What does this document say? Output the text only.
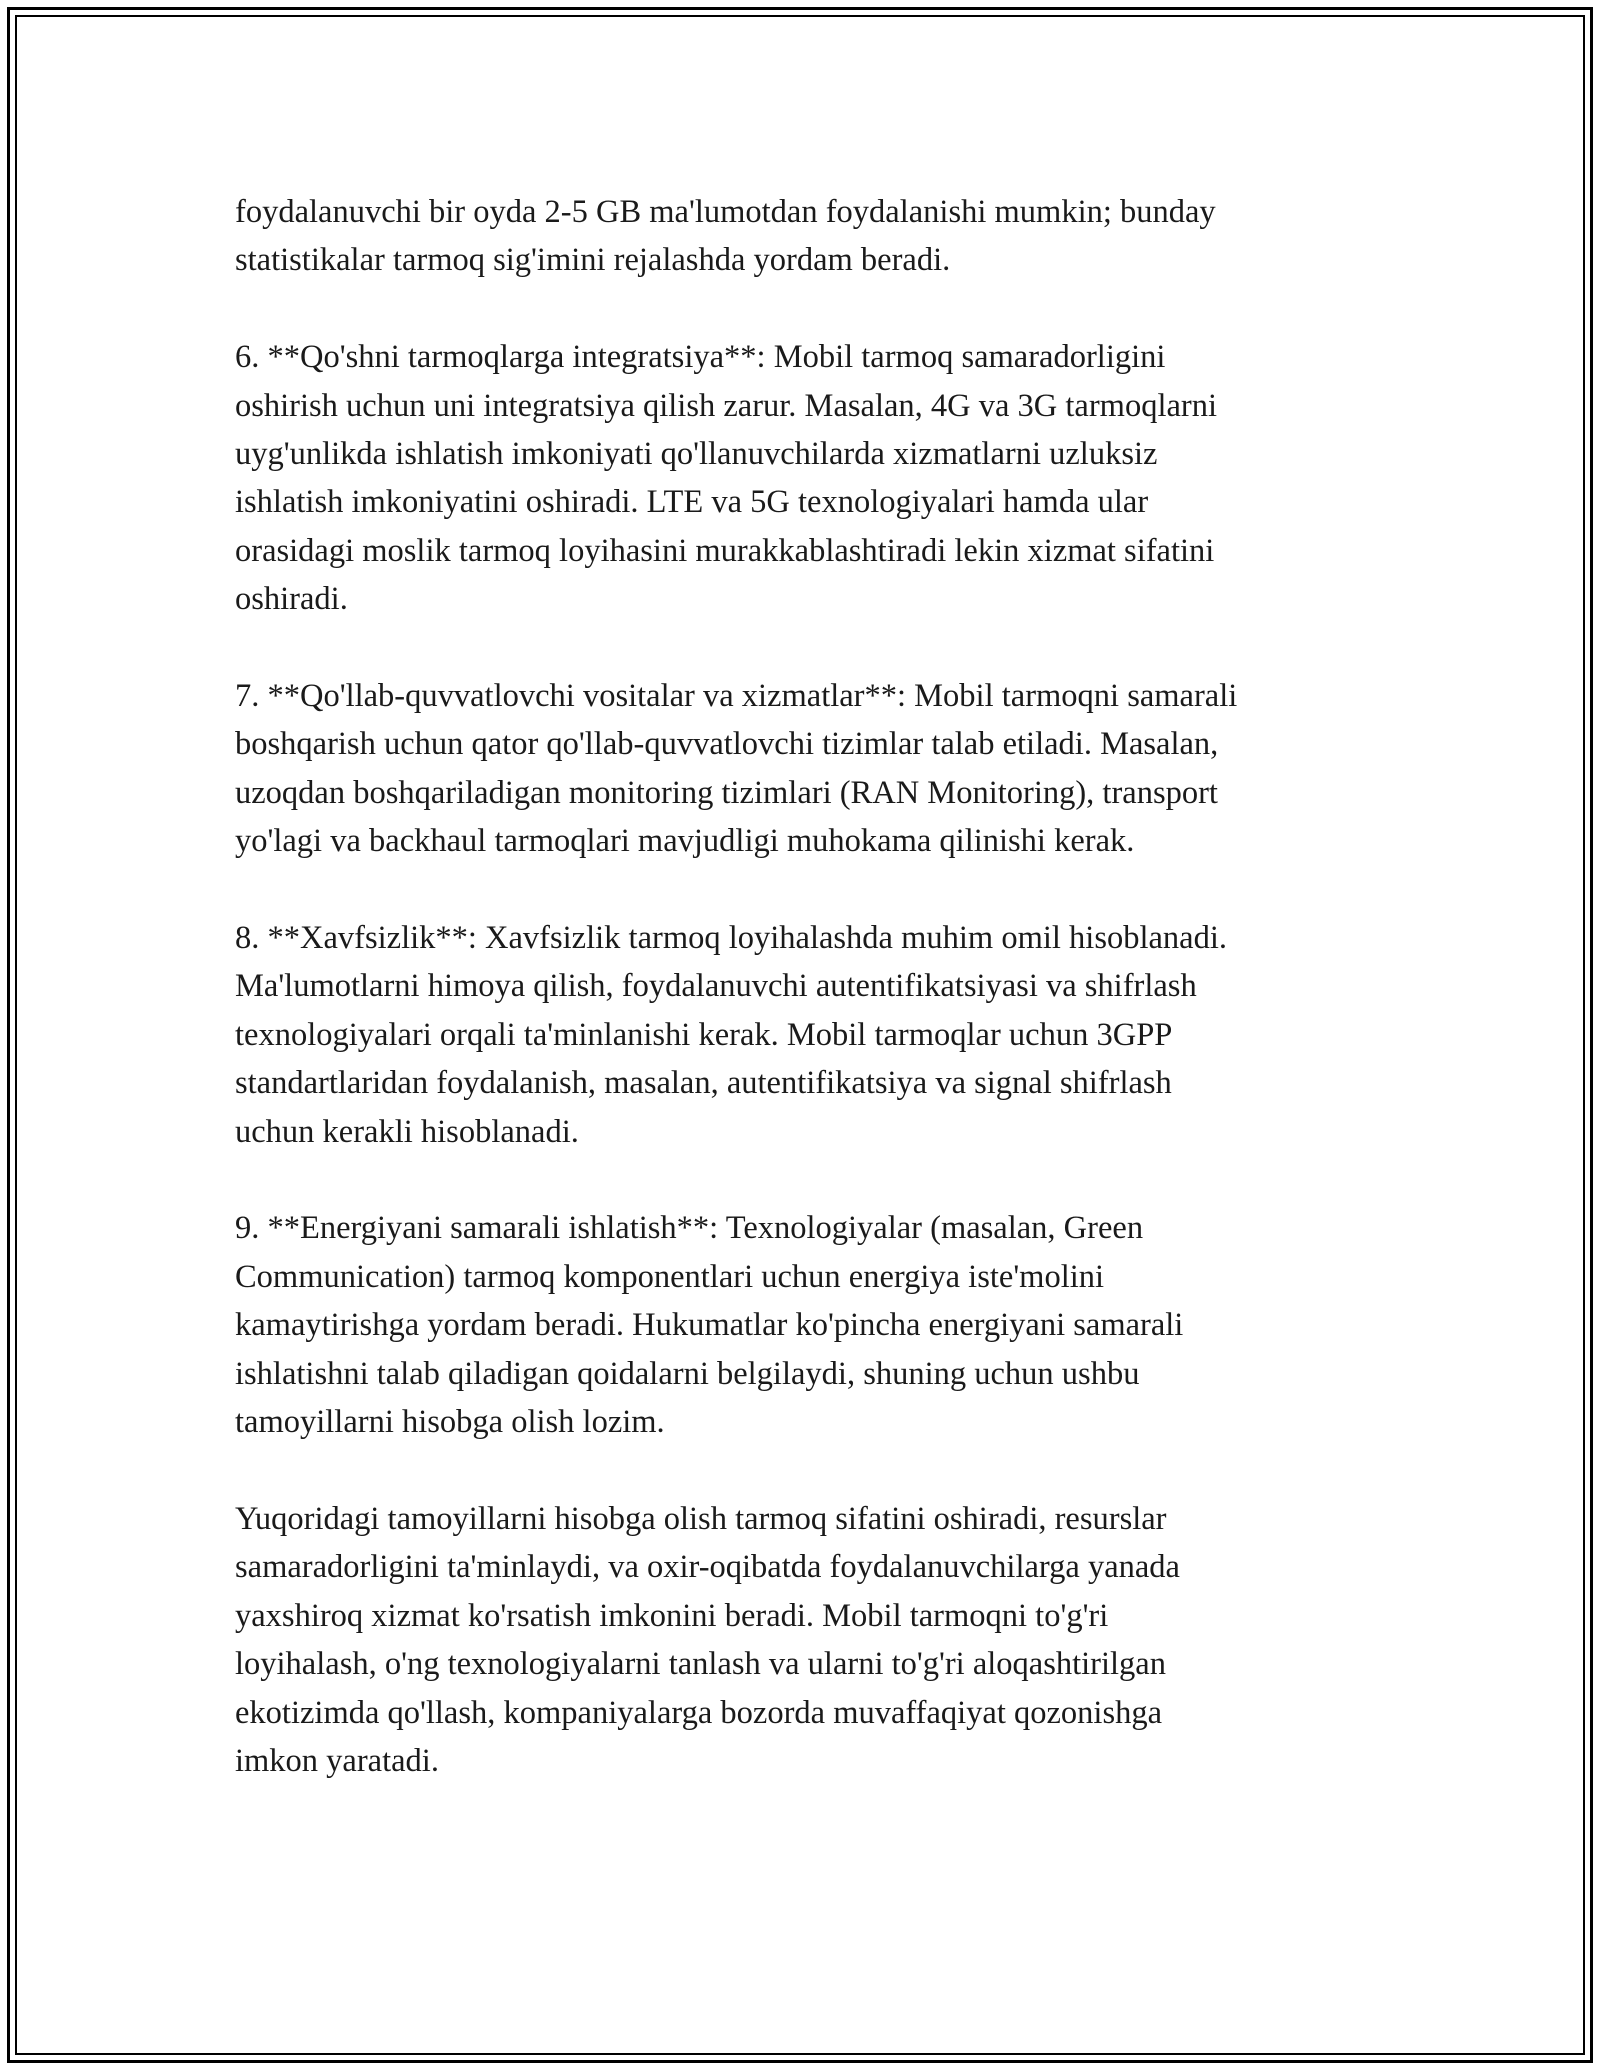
foydalanuvchi bir oyda 2-5 GB ma'lumotdan foydalanishi mumkin; bunday
statistikalar tarmoq sig'imini rejalashda yordam beradi.

6. **Qo'shni tarmoqlarga integratsiya**: Mobil tarmoq samaradorligini
oshirish uchun uni integratsiya qilish zarur. Masalan, 4G va 3G tarmoqlarni
uyg'unlikda ishlatish imkoniyati qo'llanuvchilarda xizmatlarni uzluksiz
ishlatish imkoniyatini oshiradi. LTE va 5G texnologiyalari hamda ular
orasidagi moslik tarmoq loyihasini murakkablashtiradi lekin xizmat sifatini
oshiradi.

7. **Qo'llab-quvvatlovchi vositalar va xizmatlar**: Mobil tarmoqni samarali
boshqarish uchun qator qo'llab-quvvatlovchi tizimlar talab etiladi. Masalan,
uzoqdan boshqariladigan monitoring tizimlari (RAN Monitoring), transport
yo'lagi va backhaul tarmoqlari mavjudligi muhokama qilinishi kerak.

8. **Xavfsizlik**: Xavfsizlik tarmoq loyihalashda muhim omil hisoblanadi.
Ma'lumotlarni himoya qilish, foydalanuvchi autentifikatsiyasi va shifrlash
texnologiyalari orqali ta'minlanishi kerak. Mobil tarmoqlar uchun 3GPP
standartlaridan foydalanish, masalan, autentifikatsiya va signal shifrlash
uchun kerakli hisoblanadi.

9. **Energiyani samarali ishlatish**: Texnologiyalar (masalan, Green
Communication) tarmoq komponentlari uchun energiya iste'molini
kamaytirishga yordam beradi. Hukumatlar ko'pincha energiyani samarali
ishlatishni talab qiladigan qoidalarni belgilaydi, shuning uchun ushbu
tamoyillarni hisobga olish lozim.

Yuqoridagi tamoyillarni hisobga olish tarmoq sifatini oshiradi, resurslar
samaradorligini ta'minlaydi, va oxir-oqibatda foydalanuvchilarga yanada
yaxshiroq xizmat ko'rsatish imkonini beradi. Mobil tarmoqni to'g'ri
loyihalash, o'ng texnologiyalarni tanlash va ularni to'g'ri aloqashtirilgan
ekotizimda qo'llash, kompaniyalarga bozorda muvaffaqiyat qozonishga
imkon yaratadi.
